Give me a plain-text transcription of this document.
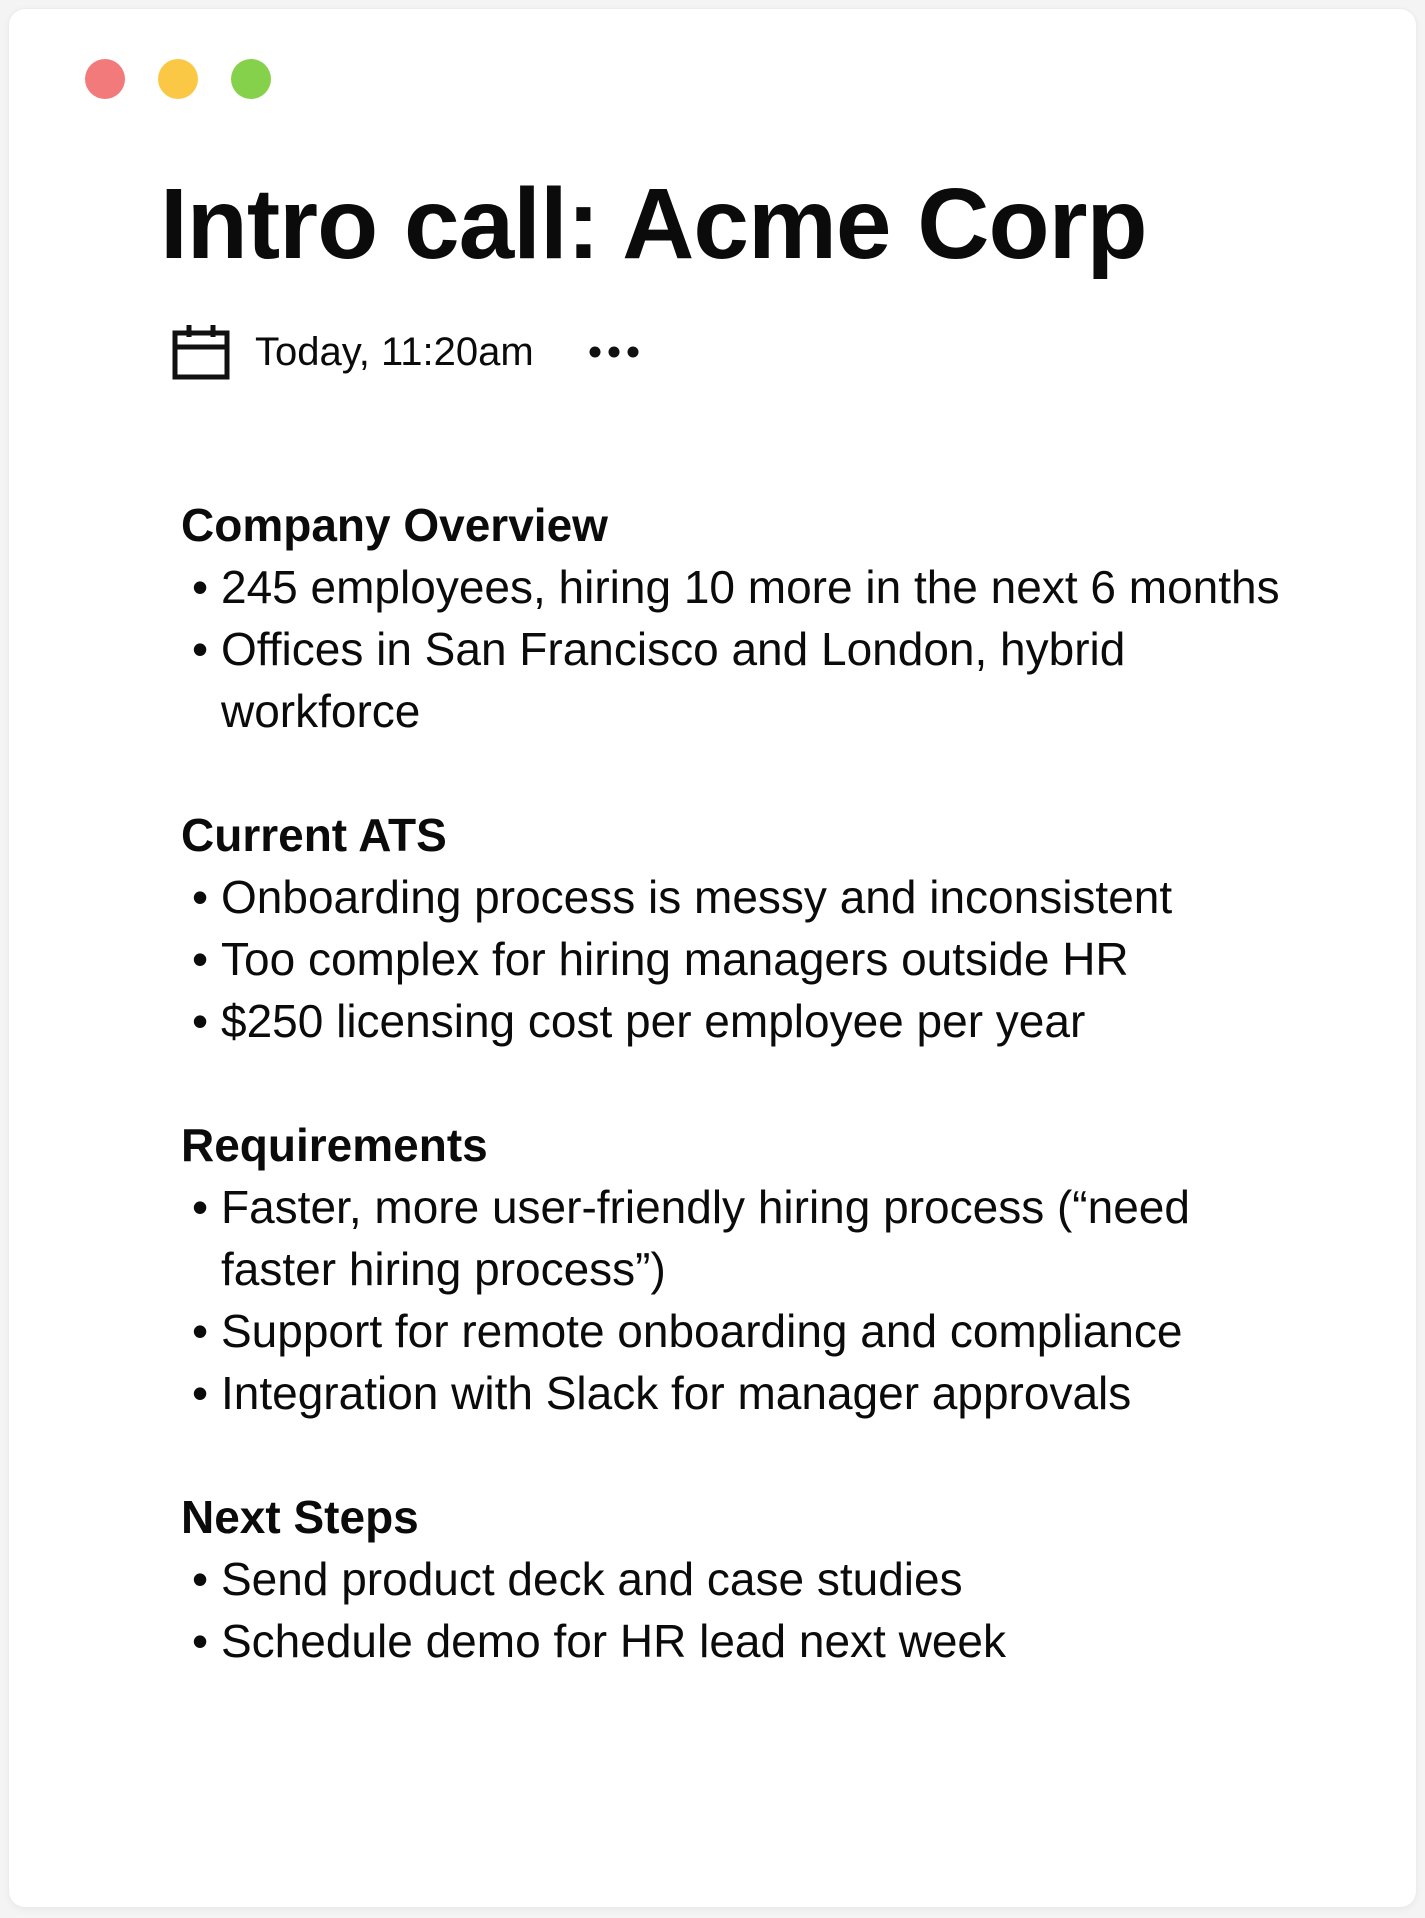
Intro call: Acme Corp
Today, 11:20am
Company Overview
• 245 employees, hiring 10 more in the next 6 months
• Offices in San Francisco and London, hybrid workforce
Current ATS
• Onboarding process is messy and inconsistent
• Too complex for hiring managers outside HR
• $250 licensing cost per employee per year
Requirements
• Faster, more user-friendly hiring process (“need faster hiring process”)
• Support for remote onboarding and compliance
• Integration with Slack for manager approvals
Next Steps
• Send product deck and case studies
• Schedule demo for HR lead next week
